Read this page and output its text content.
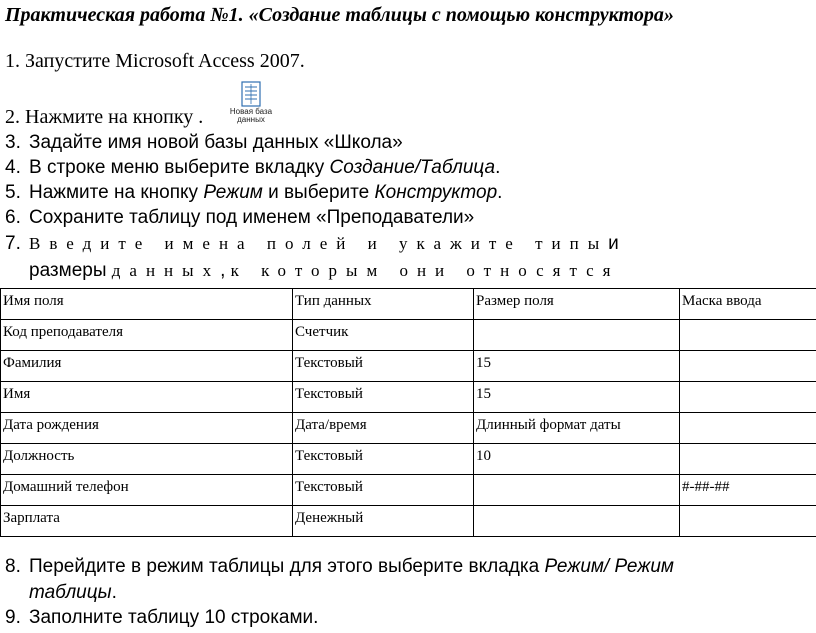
Практическая работа №1. «Создание таблицы с помощью конструктора»
1. Запустите Microsoft Access 2007.
2. Нажмите на кнопку .	Новая база данных
3. Задайте имя новой базы данных «Школа»
4. В строке меню выберите вкладку Создание/Таблица.
5. Нажмите на кнопку Режим и выберите Конструктор.
6. Сохраните таблицу под именем «Преподаватели»
7. Введите имена полей и укажите типыи
размеры данных, к которым они относятся
Имя поля	Тип данных	Размер поля	Маска ввода
Код преподавателя	Счетчик		
Фамилия	Текстовый	15	
Имя	Текстовый	15	
Дата рождения	Дата/время	Длинный формат даты	
Должность	Текстовый	10	
Домашний телефон	Текстовый		#-##-##
Зарплата	Денежный		
8. Перейдите в режим таблицы для этого выберите вкладка Режим/ Режим
таблицы.
9. Заполните таблицу 10 строками.
